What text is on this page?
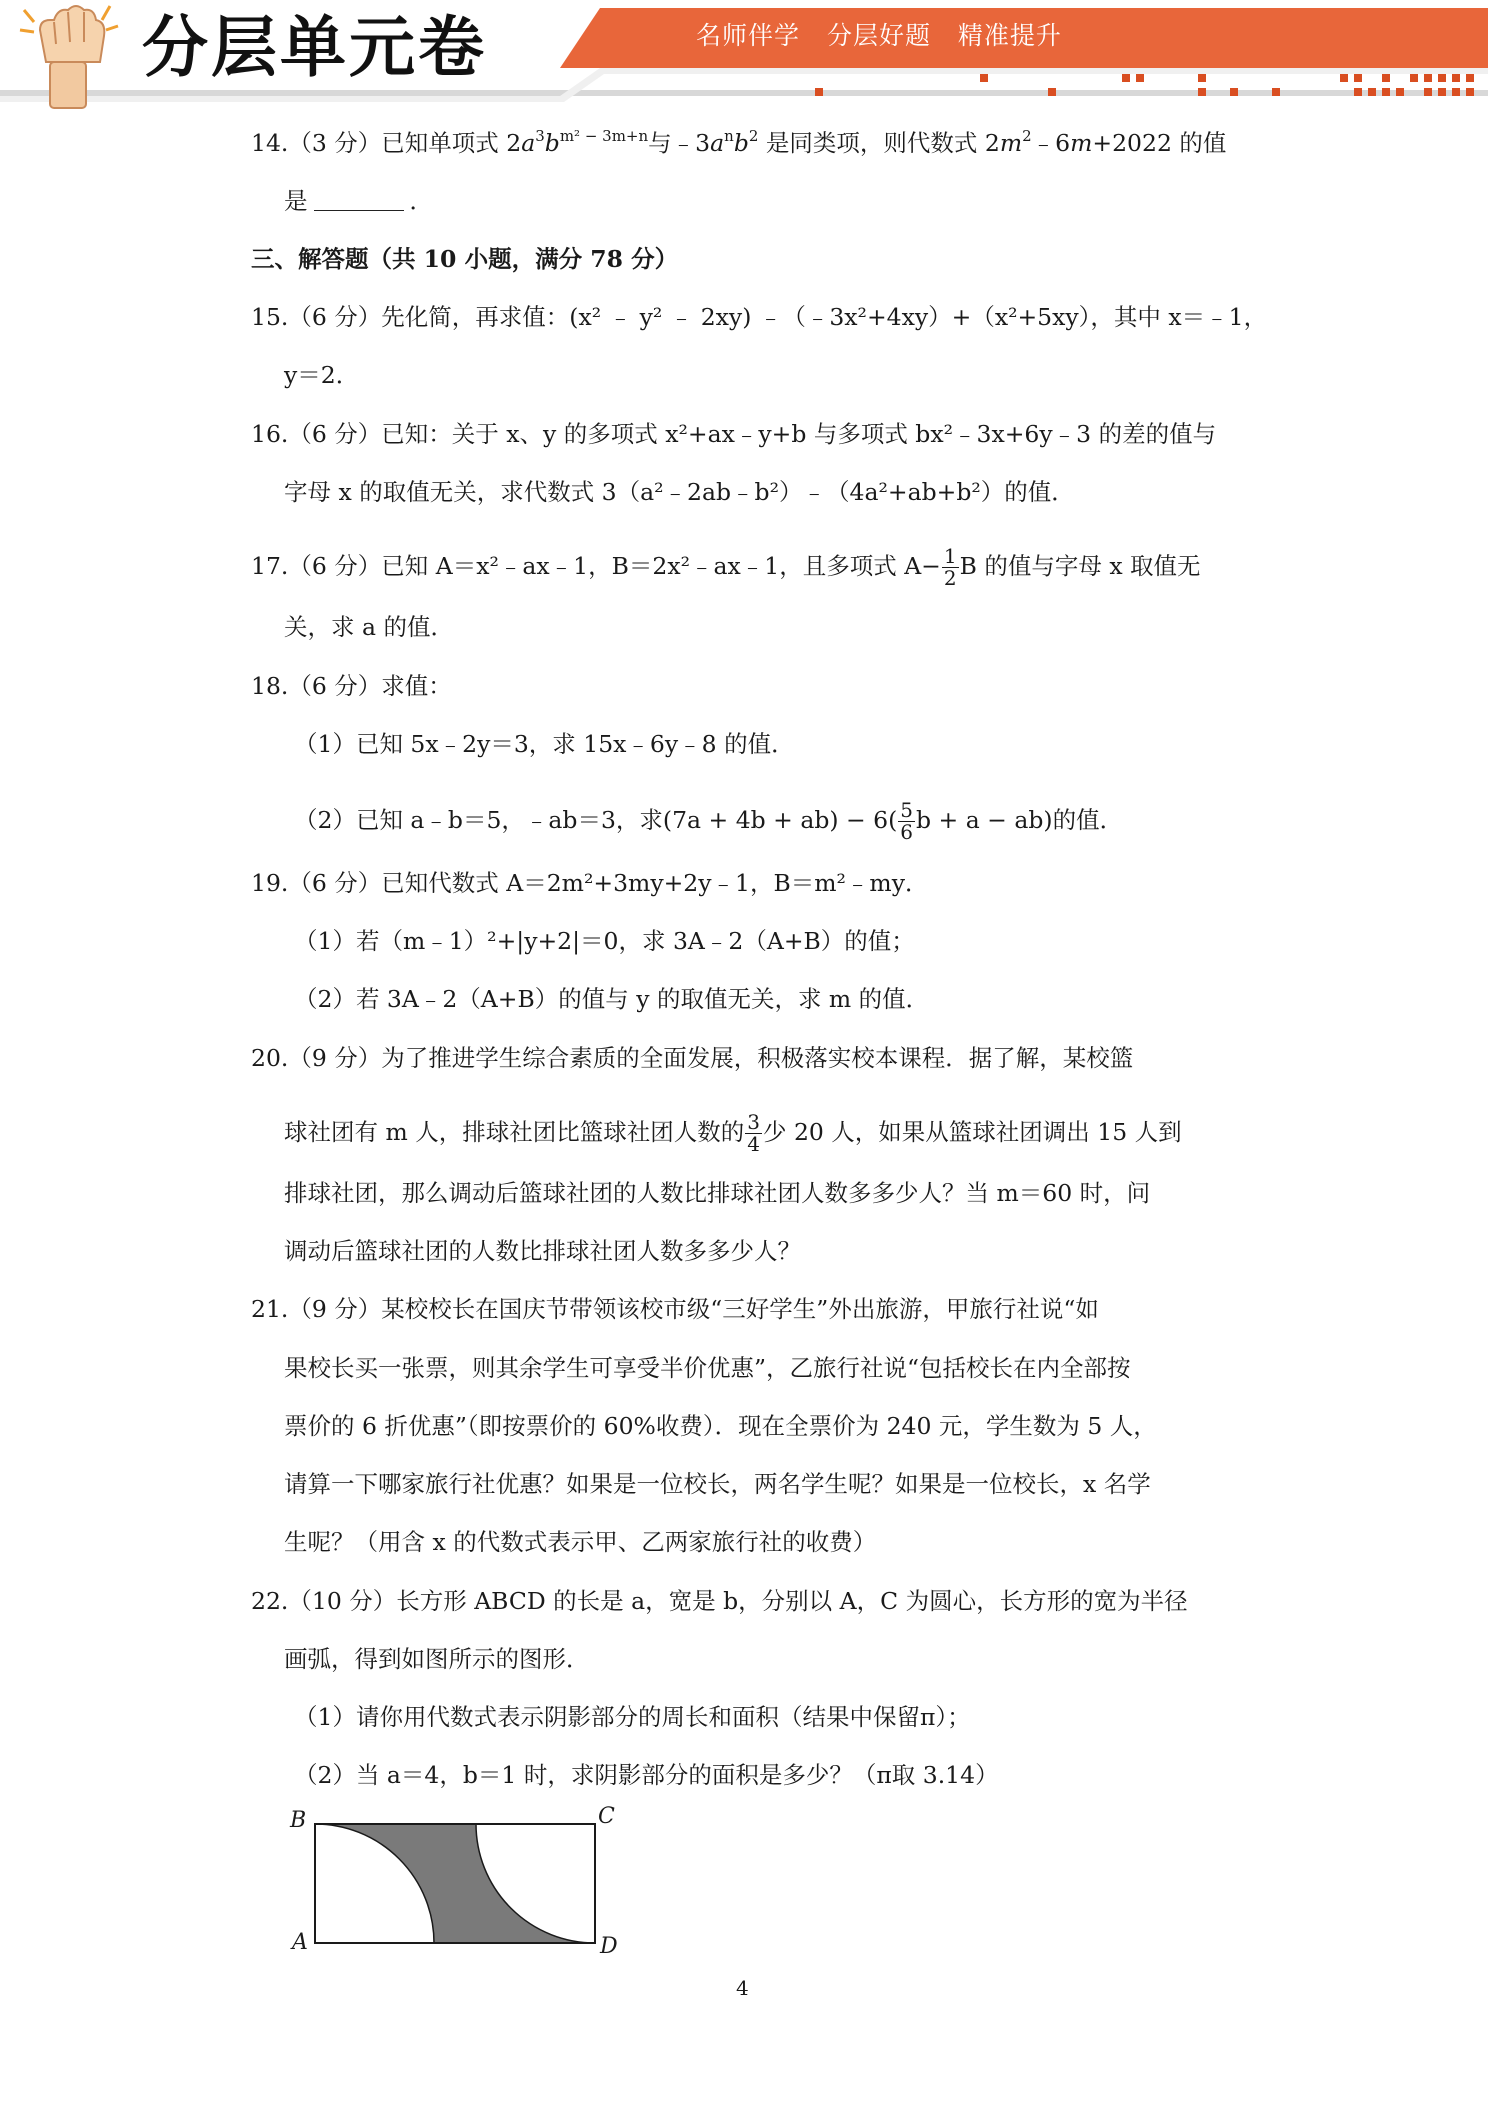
分层单元卷	名师伴学 分层好题 精准提升
14.（3 分）已知单项式 $2a^3b^{m^2 - 3m+n}$与$﹣3a^nb^2$ 是同类项，则代数式 $2m^2﹣6m+2022$ 的值
是	．
三、解答题（共 10 小题，满分 78 分）
15.（6 分）先化简，再求值：(x² ﹣ y² ﹣ 2xy) ﹣（﹣3x²+4xy）+（x²+5xy），其中 x＝﹣1，
y＝2．
16.（6 分）已知：关于 x、y 的多项式 x²+ax﹣y+b 与多项式 bx²﹣3x+6y﹣3 的差的值与
字母 x 的取值无关，求代数式 3（a²﹣2ab﹣b²）﹣（4a²+ab+b²）的值．
17.（6 分）已知 A＝x²﹣ax﹣1，B＝2x²﹣ax﹣1，且多项式 $A- \frac{1}{2}$ B 的值与字母 x 取值无
关，求 a 的值．
18.（6 分）求值：
（1）已知 5x﹣2y＝3，求 15x﹣6y﹣8 的值．
（2）已知 a﹣b＝5，﹣ab＝3，求$(7a + 4b + ab) - 6( \frac{5}{6}$ b + a − ab)的值．
19.（6 分）已知代数式 A＝2m²+3my+2y﹣1，B＝m²﹣my．
（1）若（m﹣1）²+|y+2|＝0，求 3A﹣2（A+B）的值；
（2）若 3A﹣2（A+B）的值与 y 的取值无关，求 m 的值．
20.（9 分）为了推进学生综合素质的全面发展，积极落实校本课程．据了解，某校篮
球社团有 m 人，排球社团比篮球社团人数的 $\frac{3}{4}$ 少 20 人，如果从篮球社团调出 15 人到
排球社团，那么调动后篮球社团的人数比排球社团人数多多少人？当 m＝60 时，问
调动后篮球社团的人数比排球社团人数多多少人？
21.（9 分）某校校长在国庆节带领该校市级“三好学生”外出旅游，甲旅行社说“如
果校长买一张票，则其余学生可享受半价优惠”，乙旅行社说“包括校长在内全部按
票价的 6 折优惠”（即按票价的 60%收费）．现在全票价为 240 元，学生数为 5 人，
请算一下哪家旅行社优惠？如果是一位校长，两名学生呢？如果是一位校长，x 名学
生呢？（用含 x 的代数式表示甲、乙两家旅行社的收费）
22.（10 分）长方形 ABCD 的长是 a，宽是 b，分别以 A，C 为圆心，长方形的宽为半径
画弧，得到如图所示的图形．
（1）请你用代数式表示阴影部分的周长和面积（结果中保留π）；
（2）当 a＝4，b＝1 时，求阴影部分的面积是多少？（π取 3.14）
B	C
A	D
4
